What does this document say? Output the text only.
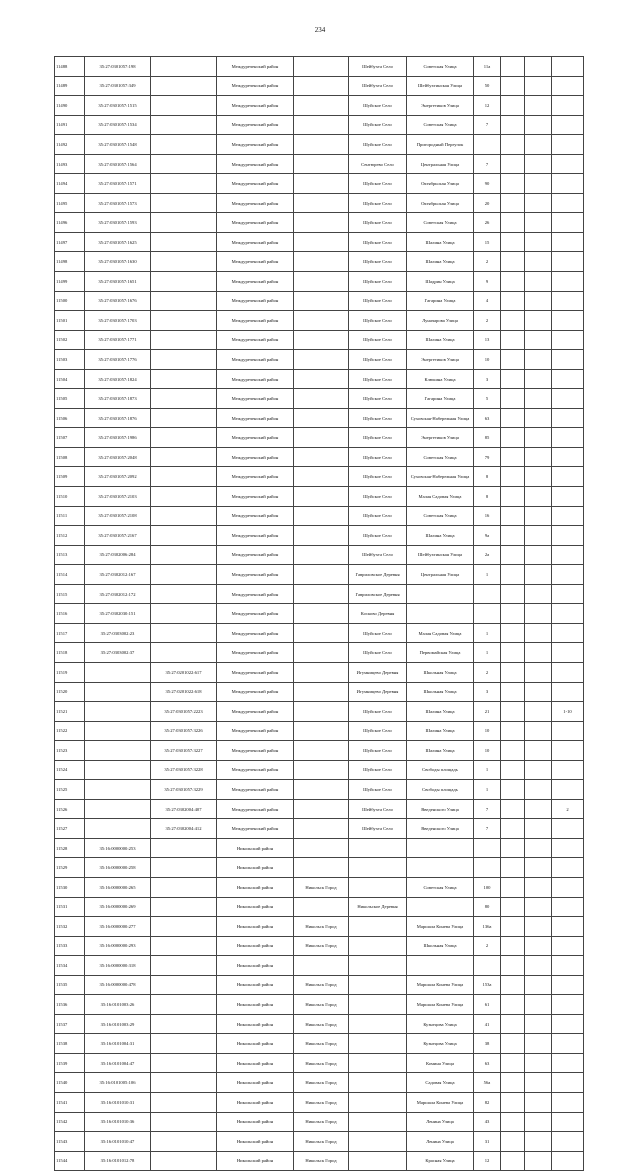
234
11488	35:27:0301057:198		Междуреченский район		Шейбухта Село	Советская Улица	11а			
11489	35:27:0301057:349		Междуреченский район		Шейбухта Село	Шейбухтинская Улица	50			
11490	35:27:0301057:1515		Междуреченский район		Шуйское Село	Энергетиков Улица	12			
11491	35:27:0301057:1534		Междуреченский район		Шуйское Село	Советская Улица	7			
11492	35:27:0301057:1548		Междуреченский район		Шуйское Село	Пригородный Переулок				
11493	35:27:0301057:1564		Междуреченский район		Сентюрево Село	Центральная Улица	7			
11494	35:27:0301057:1571		Междуреченский район		Шуйское Село	Октябрьская Улица	90			
11495	35:27:0301057:1573		Междуреченский район		Шуйское Село	Октябрьская Улица	20			
11496	35:27:0301057:1593		Междуреченский район		Шуйское Село	Советская Улица	26			
11497	35:27:0301057:1625		Междуреченский район		Шуйское Село	Шалина Улица	15			
11498	35:27:0301057:1630		Междуреченский район		Шуйское Село	Шалина Улица	2			
11499	35:27:0301057:1651		Междуреченский район		Шуйское Село	Шадрин Улица	9			
11500	35:27:0301057:1676		Междуреченский район		Шуйское Село	Гагарина Улица	4			
11501	35:27:0301057:1703		Междуреченский район		Шуйское Село	Луначарова Улица	2			
11502	35:27:0301057:1771		Междуреченский район		Шуйское Село	Шалина Улица	13			
11503	35:27:0301057:1776		Междуреченский район		Шуйское Село	Энергетиков Улица	10			
11504	35:27:0301057:1824		Междуреченский район		Шуйское Село	Клюкина Улица	3			
11505	35:27:0301057:1873		Междуреченский район		Шуйское Село	Гагарина Улица	5			
11506	35:27:0301057:1876		Междуреченский район		Шуйское Село	Суховская-Набережная Улица	63			
11507	35:27:0301057:1986		Междуреченский район		Шуйское Село	Энергетиков Улица	85			
11508	35:27:0301057:2048		Междуреченский район		Шуйское Село	Советская Улица	79			
11509	35:27:0301057:2092		Междуреченский район		Шуйское Село	Суховская-Набережная Улица	8			
11510	35:27:0301057:2103		Междуреченский район		Шуйское Село	Малая Садовая Улица	8			
11511	35:27:0301057:2108		Междуреченский район		Шуйское Село	Советская Улица	16			
11512	35:27:0301057:2167		Междуреченский район		Шуйское Село	Шалина Улица	9а			
11513	35:27:0302006:284		Междуреченский район		Шейбухта Село	Шейбухтинская Улица	2а			
11514	35:27:0302012:167		Междуреченский район		Гавриловское Деревня	Центральная Улица	1			
11515	35:27:0302012:172		Междуреченский район		Гавриловское Деревня					
11516	35:27:0302030:151		Междуреченский район		Косково Деревня					
11517	35:27:0303002:23		Междуреченский район		Шуйское Село	Малая Садовая Улица	1			
11518	35:27:0303002:37		Междуреченский район		Шуйское Село	Первомайская Улица	1			
11519		35:27:0201022:617	Междуреченский район		Игумницево Деревня	Школьная Улица	2			
11520		35:27:0201022:618	Междуреченский район		Игумницево Деревня	Школьная Улица	3			
11521		35:27:0301057:2223	Междуреченский район		Шуйское Село	Шалина Улица	21			1-10
11522		35:27:0301057:3226	Междуреченский район		Шуйское Село	Шалина Улица	10			
11523		35:27:0301057:3227	Междуреченский район		Шуйское Село	Шалина Улица	10			
11524		35:27:0301057:3228	Междуреченский район		Шуйское Село	Свободы площадь	1			
11525		35:27:0301057:3229	Междуреченский район		Шуйское Село	Свободы площадь	1			
11526		35:27:0302004:407	Междуреченский район		Шейбухта Село	Введенского Улица	7			2
11527		35:27:0302004:412	Междуреченский район		Шейбухта Село	Введенского Улица	7			
11528	35:16:0000000:253		Никольский район							
11529	35:16:0000000:258		Никольский район							
11530	35:16:0000000:265		Никольский район	Никольск Город		Советская Улица	100			
11531	35:16:0000000:269		Никольский район		Никольское Деревня		80			
11532	35:16:0000000:277		Никольский район	Никольск Город		Маршала Конева Улица	136а			
11533	35:16:0000000:293		Никольский район	Никольск Город		Школьная Улица	2			
11534	35:16:0000000:318		Никольский район							
11535	35:16:0000000:478		Никольский район	Никольск Город		Маршала Конева Улица	153а			
11536	35:16:0101003:26		Никольский район	Никольск Город		Маршала Конева Улица	61			
11537	35:16:0101003:29		Никольский район	Никольск Город		Кузнецова Улица	41			
11538	35:16:0101004:31		Никольский район	Никольск Город		Кузнецова Улица	38			
11539	35:16:0101004:47		Никольский район	Никольск Город		Комина Улица	63			
11540	35:16:0101005:106		Никольский район	Никольск Город		Садовая Улица	56а			
11541	35:16:0101010:31		Никольский район	Никольск Город		Маршала Конева Улица	82			
11542	35:16:0101010:36		Никольский район	Никольск Город		Ленина Улица	43			
11543	35:16:0101010:47		Никольский район	Никольск Город		Ленина Улица	31			
11544	35:16:0101012:78		Никольский район	Никольск Город		Красная Улица	12			
